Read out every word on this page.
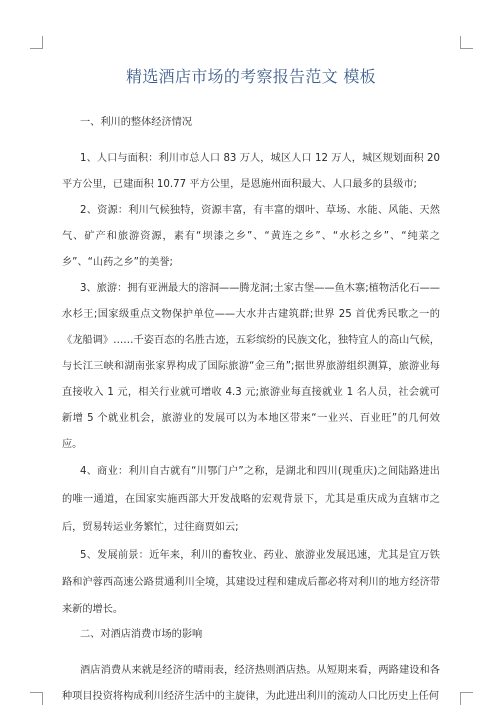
精选酒店市场的考察报告范文 模板

一、利川的整体经济情况

1、人口与面积：利川市总人口 83 万人，城区人口 12 万人，城区规划面积 20 平方公里，已建面积 10.77 平方公里，是恩施州面积最大、人口最多的县级市;

2、资源：利川气候独特，资源丰富，有丰富的烟叶、草场、水能、风能、天然气、矿产和旅游资源，素有“坝漆之乡”、“黄连之乡”、“水杉之乡”、“纯菜之乡”、“山药之乡”的美誉;

3、旅游：拥有亚洲最大的溶洞——腾龙洞;土家古堡——鱼木寨;植物活化石——水杉王;国家级重点文物保护单位——大水井古建筑群;世界 25 首优秀民歌之一的《龙船调》……千姿百态的名胜古迹，五彩缤纷的民族文化，独特宜人的高山气候，与长江三峡和湖南张家界构成了国际旅游“金三角”;据世界旅游组织测算，旅游业每直接收入 1 元，相关行业就可增收 4.3 元;旅游业每直接就业 1 名人员，社会就可新增 5 个就业机会，旅游业的发展可以为本地区带来“一业兴、百业旺”的几何效应。

4、商业：利川自古就有“川鄂门户”之称，是湖北和四川(现重庆)之间陆路进出的唯一通道，在国家实施西部大开发战略的宏观背景下，尤其是重庆成为直辖市之后，贸易转运业务繁忙，过往商贾如云;

5、发展前景：近年来，利川的畜牧业、药业、旅游业发展迅速，尤其是宜万铁路和沪蓉西高速公路贯通利川全境，其建设过程和建成后都必将对利川的地方经济带来新的增长。

二、对酒店消费市场的影响

酒店消费从来就是经济的晴雨表，经济热则酒店热。从短期来看，两路建设和各种项目投资将构成利川经济生活中的主旋律，为此进出利川的流动人口比历史上任何
